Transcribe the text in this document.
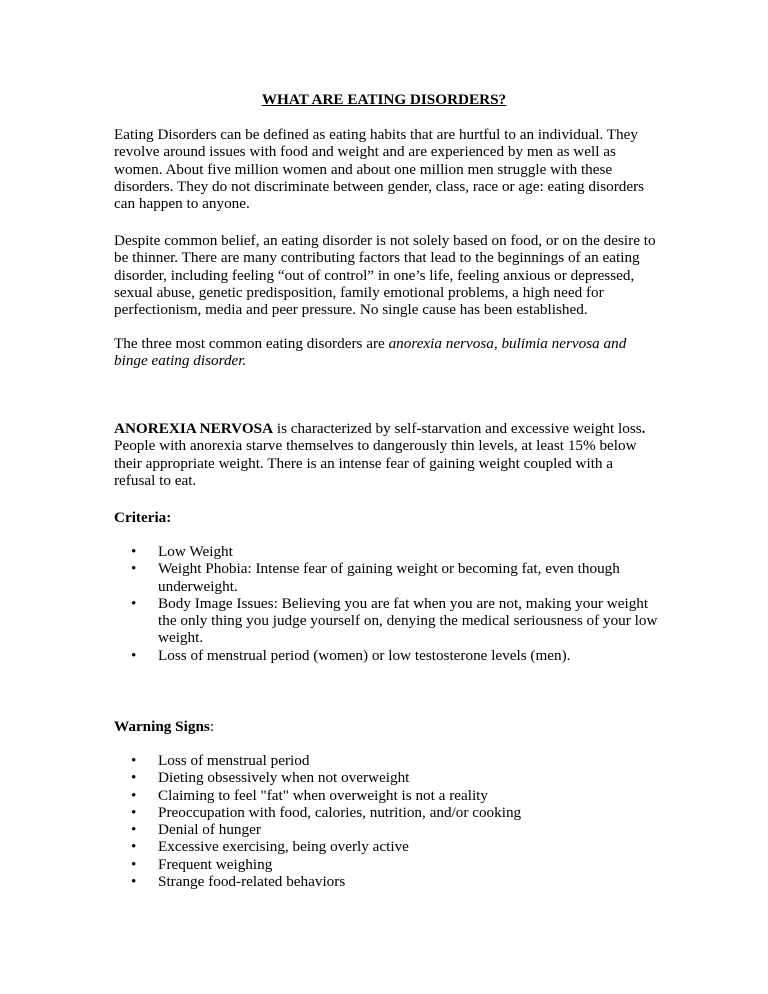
WHAT ARE EATING DISORDERS?

Eating Disorders can be defined as eating habits that are hurtful to an individual. They
revolve around issues with food and weight and are experienced by men as well as
women. About five million women and about one million men struggle with these
disorders. They do not discriminate between gender, class, race or age: eating disorders
can happen to anyone.

Despite common belief, an eating disorder is not solely based on food, or on the desire to
be thinner. There are many contributing factors that lead to the beginnings of an eating
disorder, including feeling “out of control” in one’s life, feeling anxious or depressed,
sexual abuse, genetic predisposition, family emotional problems, a high need for
perfectionism, media and peer pressure. No single cause has been established.

The three most common eating disorders are anorexia nervosa, bulimia nervosa and
binge eating disorder.

ANOREXIA NERVOSA is characterized by self-starvation and excessive weight loss.
People with anorexia starve themselves to dangerously thin levels, at least 15% below
their appropriate weight. There is an intense fear of gaining weight coupled with a
refusal to eat.

Criteria:

• Low Weight
• Weight Phobia: Intense fear of gaining weight or becoming fat, even though
underweight.
• Body Image Issues: Believing you are fat when you are not, making your weight
the only thing you judge yourself on, denying the medical seriousness of your low
weight.
• Loss of menstrual period (women) or low testosterone levels (men).

Warning Signs:

• Loss of menstrual period
• Dieting obsessively when not overweight
• Claiming to feel "fat" when overweight is not a reality
• Preoccupation with food, calories, nutrition, and/or cooking
• Denial of hunger
• Excessive exercising, being overly active
• Frequent weighing
• Strange food-related behaviors
